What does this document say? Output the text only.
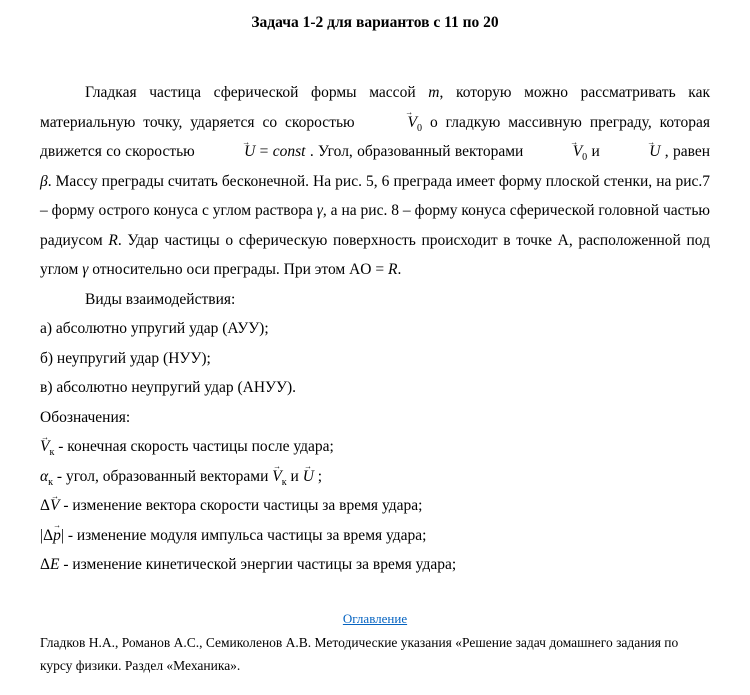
Задача 1-2 для вариантов с 11 по 20

Гладкая частица сферической формы массой m, которую можно рассматривать как материальную точку, ударяется со скоростью	$V \to_0$ о гладкую массивную преграду, которая движется со скоростью	U → = const . Угол, образованный векторами	$V \to_0$ и	U → , равен β. Массу преграды считать бесконечной. На рис. 5, 6 преграда имеет форму плоской стенки, на рис.7 – форму острого конуса с углом раствора γ, а на рис. 8 – форму конуса сферической головной частью радиусом R. Удар частицы о сферическую поверхность происходит в точке A, расположенной под углом γ относительно оси преграды. При этом AO = R.

Виды взаимодействия:

а) абсолютно упругий удар (АУУ);

б) неупругий удар (НУУ);

в) абсолютно неупругий удар (АНУУ).

Обозначения:

$V \to_к$ - конечная скорость частицы после удара;

$\alpha_к$ - угол, образованный векторами $V \to_к$ и U → ;

ΔV → - изменение вектора скорости частицы за время удара;

|Δp →| - изменение модуля импульса частицы за время удара;

ΔE - изменение кинетической энергии частицы за время удара;

Оглавление

Гладков Н.А., Романов А.С., Семиколенов А.В. Методические указания «Решение задач домашнего задания по курсу физики. Раздел «Механика».
